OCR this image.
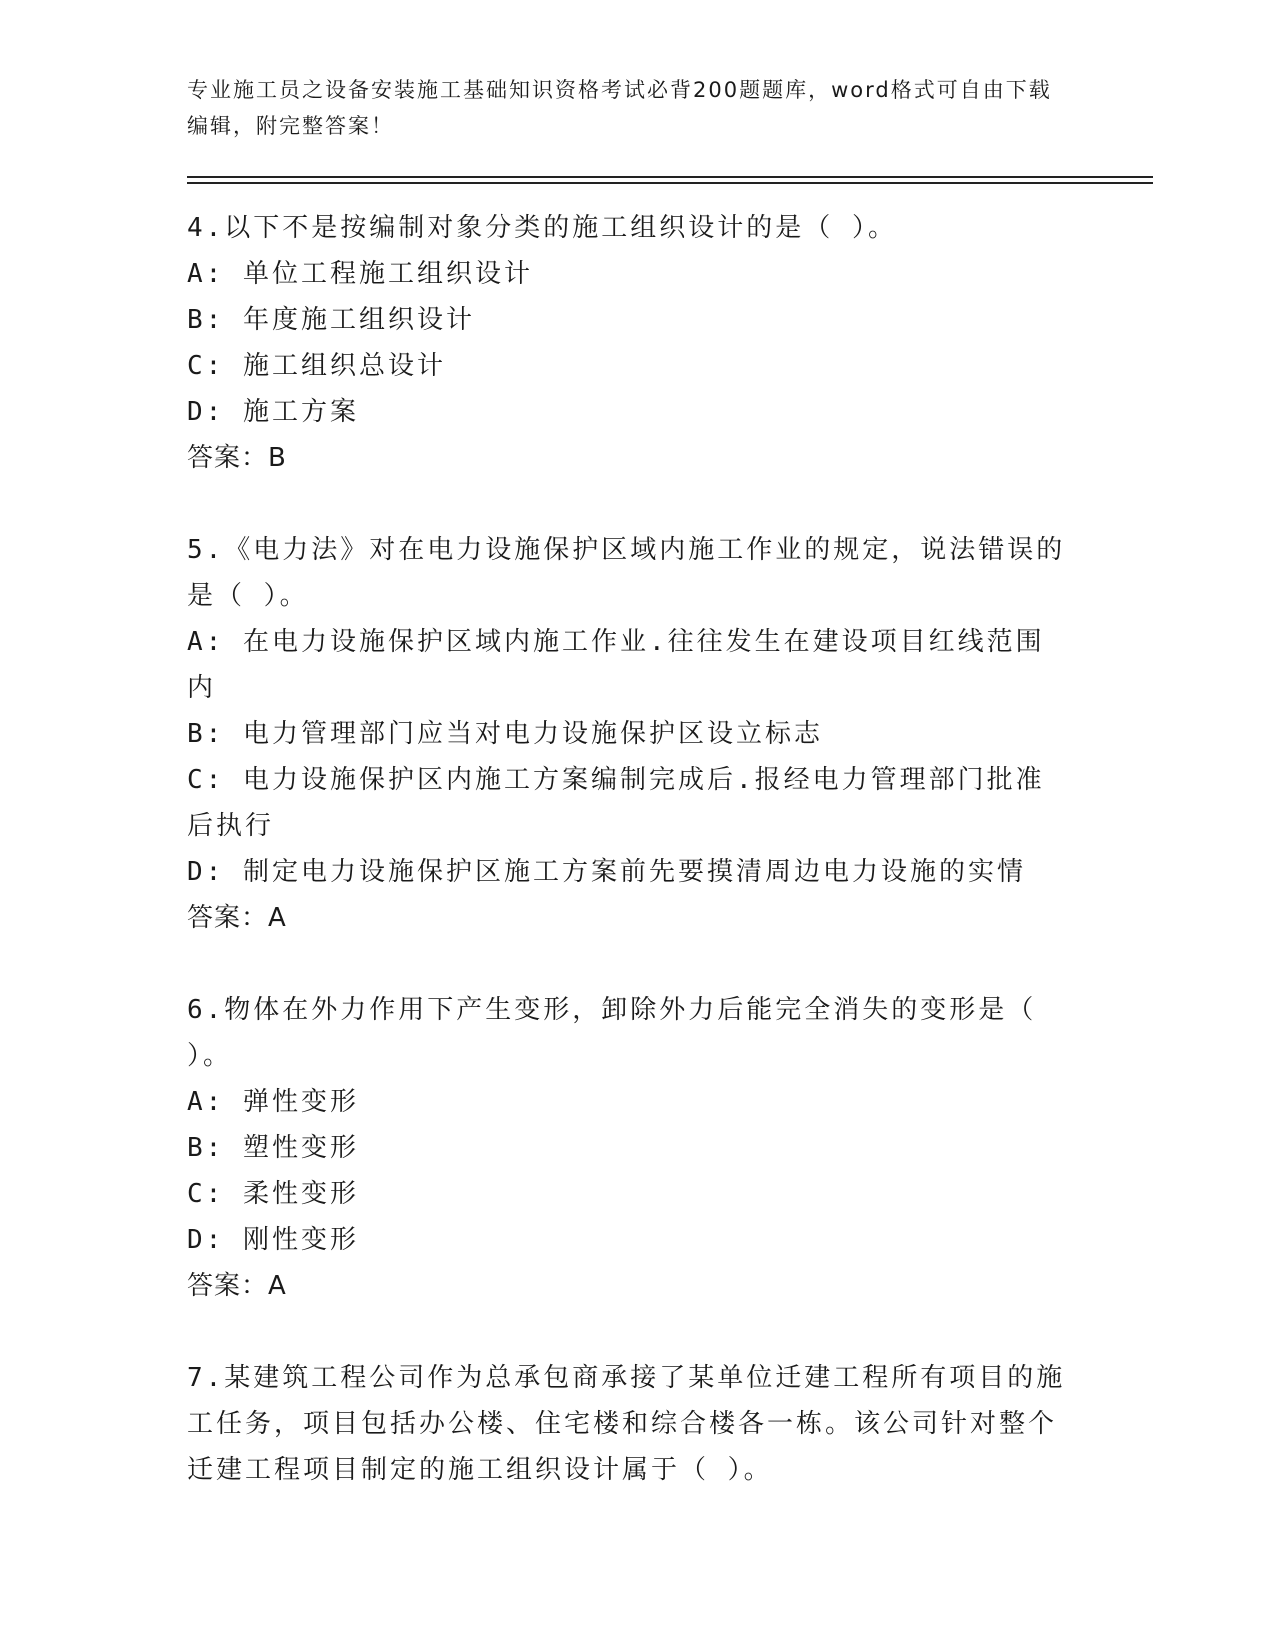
专业施工员之设备安装施工基础知识资格考试必背200题题库，word格式可自由下载编辑，附完整答案！

4.以下不是按编制对象分类的施工组织设计的是（ ）。

A: 单位工程施工组织设计

B: 年度施工组织设计

C: 施工组织总设计

D: 施工方案

答案：B

5.《电力法》对在电力设施保护区域内施工作业的规定，说法错误的是（ ）。

A: 在电力设施保护区域内施工作业.往往发生在建设项目红线范围内

B: 电力管理部门应当对电力设施保护区设立标志

C: 电力设施保护区内施工方案编制完成后.报经电力管理部门批准后执行

D: 制定电力设施保护区施工方案前先要摸清周边电力设施的实情

答案：A

6.物体在外力作用下产生变形，卸除外力后能完全消失的变形是（ ）。

A: 弹性变形

B: 塑性变形

C: 柔性变形

D: 刚性变形

答案：A

7.某建筑工程公司作为总承包商承接了某单位迁建工程所有项目的施工任务，项目包括办公楼、住宅楼和综合楼各一栋。该公司针对整个迁建工程项目制定的施工组织设计属于（ ）。
